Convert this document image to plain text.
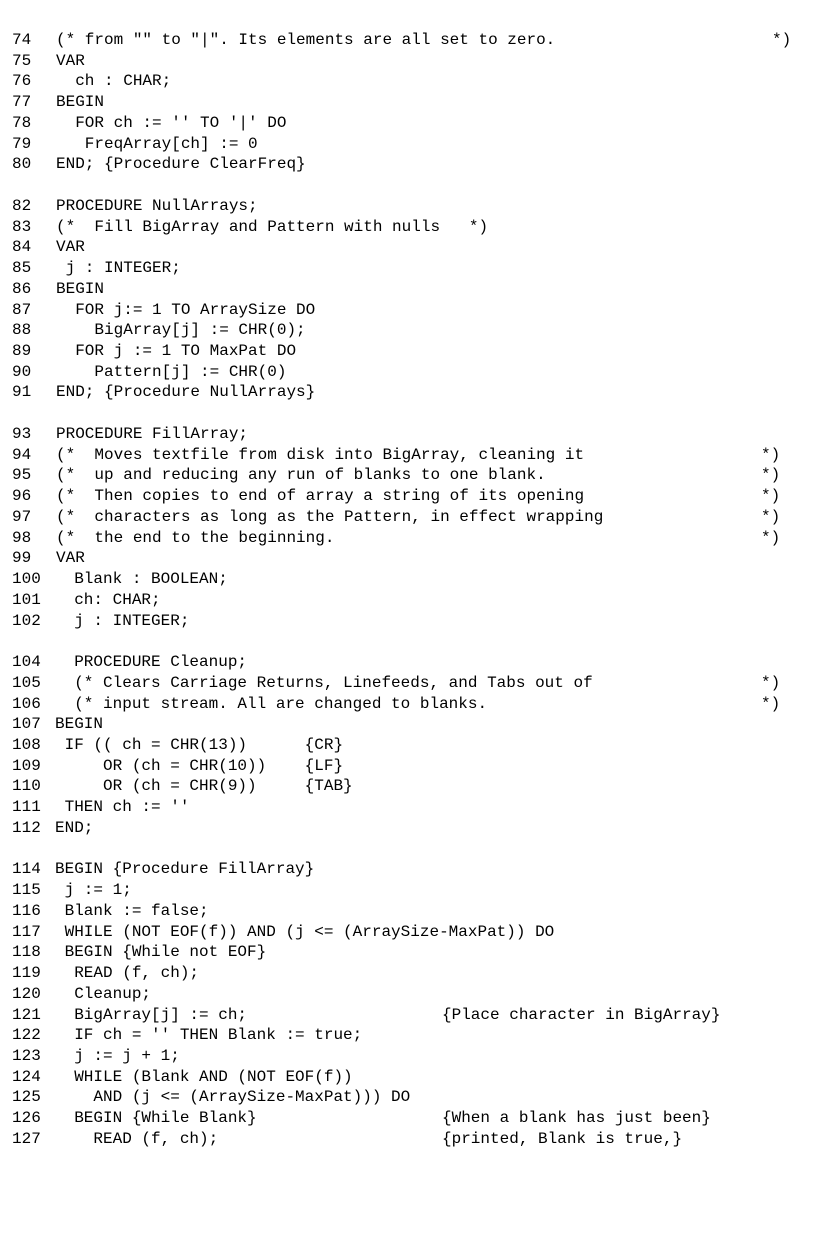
74 (* from "" to "|". Its elements are all set to zero.	*)
75 VAR
76 ch : CHAR;
77 BEGIN
78 FOR ch := '' TO '|' DO
79 FreqArray[ch] := 0
80 END; {Procedure ClearFreq}
82 PROCEDURE NullArrays;
83 (*  Fill BigArray and Pattern with nulls   *)
84 VAR
85 j : INTEGER;
86 BEGIN
87 FOR j:= 1 TO ArraySize DO
88 BigArray[j] := CHR(0);
89 FOR j := 1 TO MaxPat DO
90 Pattern[j] := CHR(0)
91 END; {Procedure NullArrays}
93 PROCEDURE FillArray;
94 (*  Moves textfile from disk into BigArray, cleaning it	*)
95 (*  up and reducing any run of blanks to one blank.	*)
96 (*  Then copies to end of array a string of its opening	*)
97 (*  characters as long as the Pattern, in effect wrapping	*)
98 (*  the end to the beginning.	*)
99 VAR
100 Blank : BOOLEAN;
101 ch: CHAR;
102 j : INTEGER;
104 PROCEDURE Cleanup;
105 (* Clears Carriage Returns, Linefeeds, and Tabs out of	*)
106 (* input stream. All are changed to blanks.	*)
107 BEGIN
108 IF (( ch = CHR(13))      {CR}
109 OR (ch = CHR(10))    {LF}
110 OR (ch = CHR(9))     {TAB}
111 THEN ch := ''
112 END;
114 BEGIN {Procedure FillArray}
115 j := 1;
116 Blank := false;
117 WHILE (NOT EOF(f)) AND (j <= (ArraySize-MaxPat)) DO
118 BEGIN {While not EOF}
119 READ (f, ch);
120 Cleanup;
121 BigArray[j] := ch;	{Place character in BigArray}
122 IF ch = '' THEN Blank := true;
123 j := j + 1;
124 WHILE (Blank AND (NOT EOF(f))
125 AND (j <= (ArraySize-MaxPat))) DO
126 BEGIN {While Blank}	{When a blank has just been}
127 READ (f, ch);	{printed, Blank is true,}
